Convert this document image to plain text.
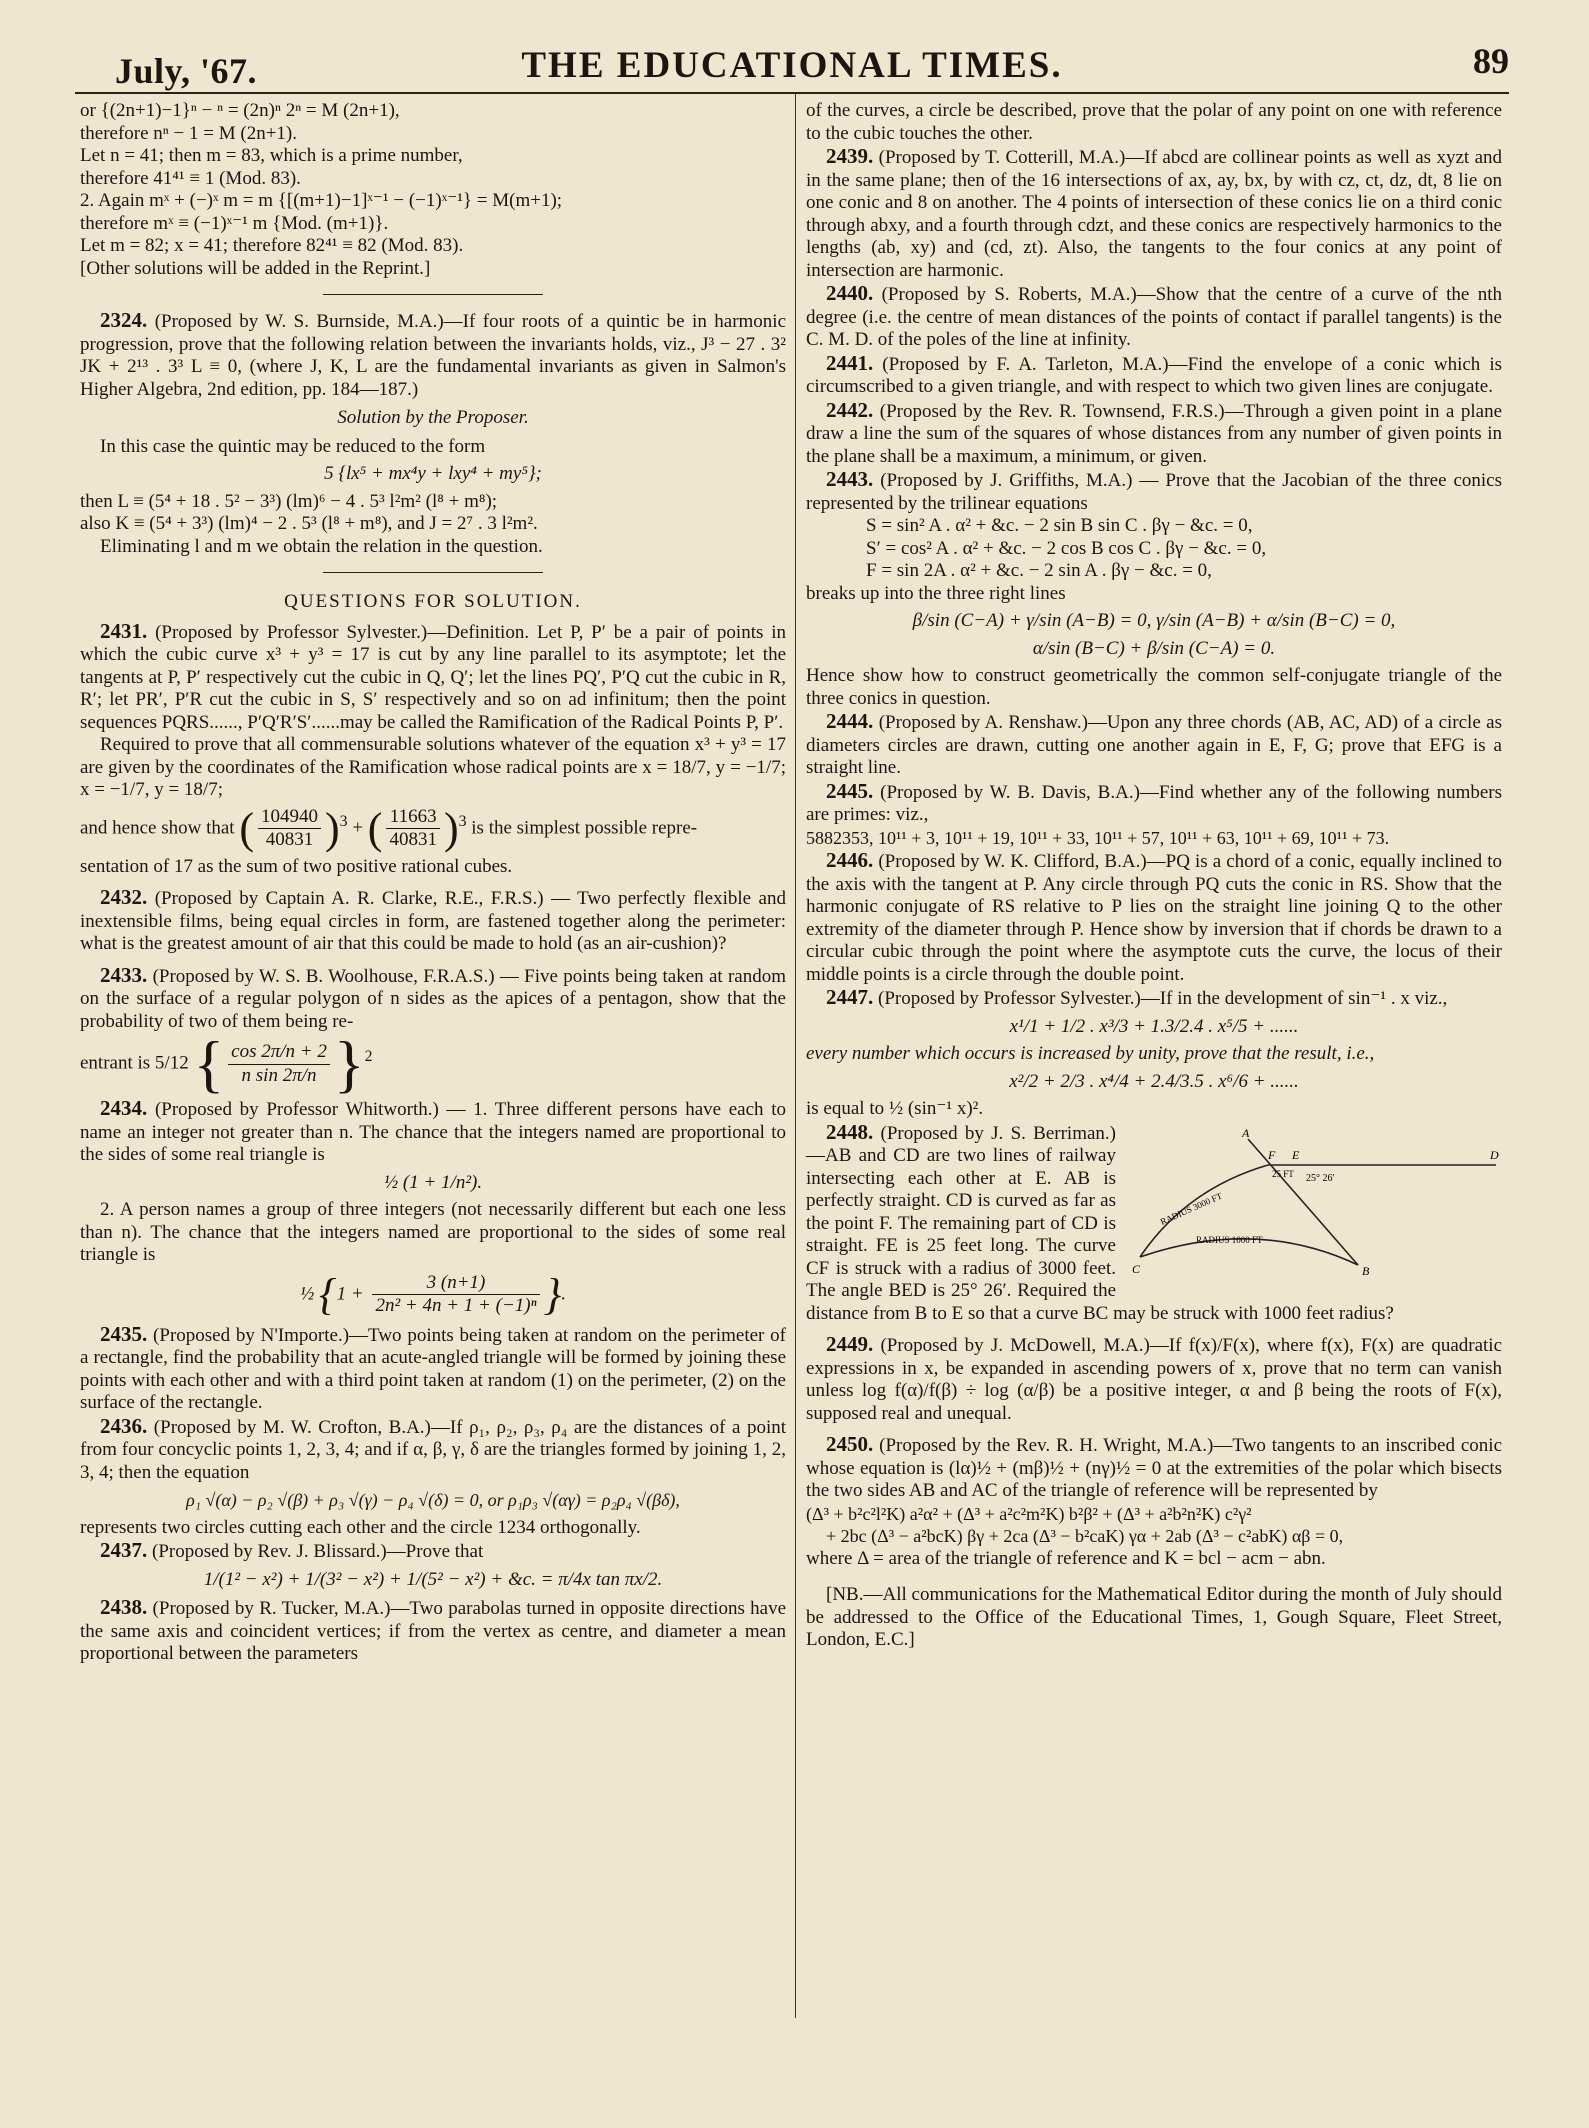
July, '67.	THE EDUCATIONAL TIMES.	89
or {(2n+1)−1}ⁿ − ⁿ = (2n)ⁿ 2ⁿ = M (2n+1),
therefore nⁿ − 1 = M (2n+1).
Let n = 41; then m = 83, which is a prime number,
therefore 41⁴¹ ≡ 1 (Mod. 83).
2. Again mˣ + (−)ˣ m = m {[(m+1)−1]ˣ⁻¹ − (−1)ˣ⁻¹} = M(m+1);
therefore mˣ ≡ (−1)ˣ⁻¹ m {Mod. (m+1)}.
Let m = 82; x = 41; therefore 82⁴¹ ≡ 82 (Mod. 83).
[Other solutions will be added in the Reprint.]

2324. (Proposed by W. S. Burnside, M.A.)—If four roots of a quintic be in harmonic progression, prove that the following relation between the invariants holds, viz., J³ − 27 . 3² JK + 2¹³ . 3³ L ≡ 0, (where J, K, L are the fundamental invariants as given in Salmon's Higher Algebra, 2nd edition, pp. 184—187.)

Solution by the Proposer.

In this case the quintic may be reduced to the form

5 {lx⁵ + mx⁴y + lxy⁴ + my⁵};
then L ≡ (5⁴ + 18 . 5² − 3³) (lm)⁶ − 4 . 5³ l²m² (l⁸ + m⁸);
also K ≡ (5⁴ + 3³) (lm)⁴ − 2 . 5³ (l⁸ + m⁸), and J = 2⁷ . 3 l²m².

Eliminating l and m we obtain the relation in the question.

QUESTIONS FOR SOLUTION.

2431. (Proposed by Professor Sylvester.)—Definition. Let P, P′ be a pair of points in which the cubic curve x³ + y³ = 17 is cut by any line parallel to its asymptote; let the tangents at P, P′ respectively cut the cubic in Q, Q′; let the lines PQ′, P′Q cut the cubic in R, R′; let PR′, P′R cut the cubic in S, S′ respectively and so on ad infinitum; then the point sequences PQRS......, P′Q′R′S′......may be called the Ramification of the Radical Points P, P′.

Required to prove that all commensurable solutions whatever of the equation x³ + y³ = 17 are given by the coordinates of the Ramification whose radical points are x = 18/7, y = −1/7; x = −1/7, y = 18/7;

and hence show that ( $\frac{104940}{40831} )^3$ + ( $\frac{11663}{40831} )^3$ is the simplest possible repre-

sentation of 17 as the sum of two positive rational cubes.

2432. (Proposed by Captain A. R. Clarke, R.E., F.R.S.) — Two perfectly flexible and inextensible films, being equal circles in form, are fastened together along the perimeter: what is the greatest amount of air that this could be made to hold (as an air-cushion)?

2433. (Proposed by W. S. B. Woolhouse, F.R.A.S.) — Five points being taken at random on the surface of a regular polygon of n sides as the apices of a pentagon, show that the probability of two of them being re-

entrant is 5/12 { $\frac{\cos 2\pi/n + 2}{\text{n sin 2π/n}} \}^2$

2434. (Proposed by Professor Whitworth.) — 1. Three different persons have each to name an integer not greater than n. The chance that the integers named are proportional to the sides of some real triangle is

½ (1 + 1/n²).

2. A person names a group of three integers (not necessarily different but each one less than n). The chance that the integers named are proportional to the sides of some real triangle is

½ {$1 + \frac{3 (n+1)}{\text{2n² + 4n + 1 + (−1)ⁿ}}$ }.

2435. (Proposed by N'Importe.)—Two points being taken at random on the perimeter of a rectangle, find the probability that an acute-angled triangle will be formed by joining these points with each other and with a third point taken at random (1) on the perimeter, (2) on the surface of the rectangle.

2436. (Proposed by M. W. Crofton, B.A.)—If ρ₁, ρ₂, ρ₃, ρ₄ are the distances of a point from four concyclic points 1, 2, 3, 4; and if α, β, γ, δ are the triangles formed by joining 1, 2, 3, 4; then the equation

ρ₁ √(α) − ρ₂ √(β) + ρ₃ √(γ) − ρ₄ √(δ) = 0, or ρ₁ρ₃ √(αγ) = ρ₂ρ₄ √(βδ),

represents two circles cutting each other and the circle 1234 orthogonally.

2437. (Proposed by Rev. J. Blissard.)—Prove that

1/(1² − x²) + 1/(3² − x²) + 1/(5² − x²) + &c. = π/4x tan πx/2.

2438. (Proposed by R. Tucker, M.A.)—Two parabolas turned in opposite directions have the same axis and coincident vertices; if from the vertex as centre, and diameter a mean proportional between the parameters

of the curves, a circle be described, prove that the polar of any point on one with reference to the cubic touches the other.

2439. (Proposed by T. Cotterill, M.A.)—If abcd are collinear points as well as xyzt and in the same plane; then of the 16 intersections of ax, ay, bx, by with cz, ct, dz, dt, 8 lie on one conic and 8 on another. The 4 points of intersection of these conics lie on a third conic through abxy, and a fourth through cdzt, and these conics are respectively harmonics to the lengths (ab, xy) and (cd, zt). Also, the tangents to the four conics at any point of intersection are harmonic.

2440. (Proposed by S. Roberts, M.A.)—Show that the centre of a curve of the nth degree (i.e. the centre of mean distances of the points of contact if parallel tangents) is the C. M. D. of the poles of the line at infinity.

2441. (Proposed by F. A. Tarleton, M.A.)—Find the envelope of a conic which is circumscribed to a given triangle, and with respect to which two given lines are conjugate.

2442. (Proposed by the Rev. R. Townsend, F.R.S.)—Through a given point in a plane draw a line the sum of the squares of whose distances from any number of given points in the plane shall be a maximum, a minimum, or given.

2443. (Proposed by J. Griffiths, M.A.) — Prove that the Jacobian of the three conics represented by the trilinear equations

S = sin² A . α² + &c. − 2 sin B sin C . βγ − &c. = 0,
S′ = cos² A . α² + &c. − 2 cos B cos C . βγ − &c. = 0,
F = sin 2A . α² + &c. − 2 sin A . βγ − &c. = 0,

breaks up into the three right lines

β/sin (C−A) + γ/sin (A−B) = 0, γ/sin (A−B) + α/sin (B−C) = 0,
α/sin (B−C) + β/sin (C−A) = 0.

Hence show how to construct geometrically the common self-conjugate triangle of the three conics in question.

2444. (Proposed by A. Renshaw.)—Upon any three chords (AB, AC, AD) of a circle as diameters circles are drawn, cutting one another again in E, F, G; prove that EFG is a straight line.

2445. (Proposed by W. B. Davis, B.A.)—Find whether any of the following numbers are primes: viz.,

5882353, 10¹¹ + 3, 10¹¹ + 19, 10¹¹ + 33, 10¹¹ + 57, 10¹¹ + 63, 10¹¹ + 69, 10¹¹ + 73.

2446. (Proposed by W. K. Clifford, B.A.)—PQ is a chord of a conic, equally inclined to the axis with the tangent at P. Any circle through PQ cuts the conic in RS. Show that the harmonic conjugate of RS relative to P lies on the straight line joining Q to the other extremity of the diameter through P. Hence show by inversion that if chords be drawn to a circular cubic through the point where the asymptote cuts the curve, the locus of their middle points is a circle through the double point.

2447. (Proposed by Professor Sylvester.)—If in the development of sin⁻¹ . x viz.,

x¹/1 + 1/2 . x³/3 + 1.3/2.4 . x⁵/5 + ......

every number which occurs is increased by unity, prove that the result, i.e.,

x²/2 + 2/3 . x⁴/4 + 2.4/3.5 . x⁶/6 + ......

is equal to ½ (sin⁻¹ x)².

A
B
C
D
E
F
RADIUS 3000 FT
RADIUS 1000 FT
25 FT 25° 26′

2448. (Proposed by J. S. Berriman.)—AB and CD are two lines of railway intersecting each other at E. AB is perfectly straight. CD is curved as far as the point F. The remaining part of CD is straight. FE is 25 feet long. The curve CF is struck with a radius of 3000 feet. The angle BED is 25° 26′. Required the distance from B to E so that a curve BC may be struck with 1000 feet radius?

2449. (Proposed by J. McDowell, M.A.)—If f(x)/F(x), where f(x), F(x) are quadratic expressions in x, be expanded in ascending powers of x, prove that no term can vanish unless log f(α)/f(β) ÷ log (α/β) be a positive integer, α and β being the roots of F(x), supposed real and unequal.

2450. (Proposed by the Rev. R. H. Wright, M.A.)—Two tangents to an inscribed conic whose equation is (lα)½ + (mβ)½ + (nγ)½ = 0 at the extremities of the polar which bisects the two sides AB and AC of the triangle of reference will be represented by

(Δ³ + b²c²l²K) a²α² + (Δ³ + a²c²m²K) b²β² + (Δ³ + a²b²n²K) c²γ²
+ 2bc (Δ³ − a²bcK) βγ + 2ca (Δ³ − b²caK) γα + 2ab (Δ³ − c²abK) αβ = 0,

where Δ = area of the triangle of reference and K = bcl − acm − abn.

[NB.—All communications for the Mathematical Editor during the month of July should be addressed to the Office of the Educational Times, 1, Gough Square, Fleet Street, London, E.C.]
